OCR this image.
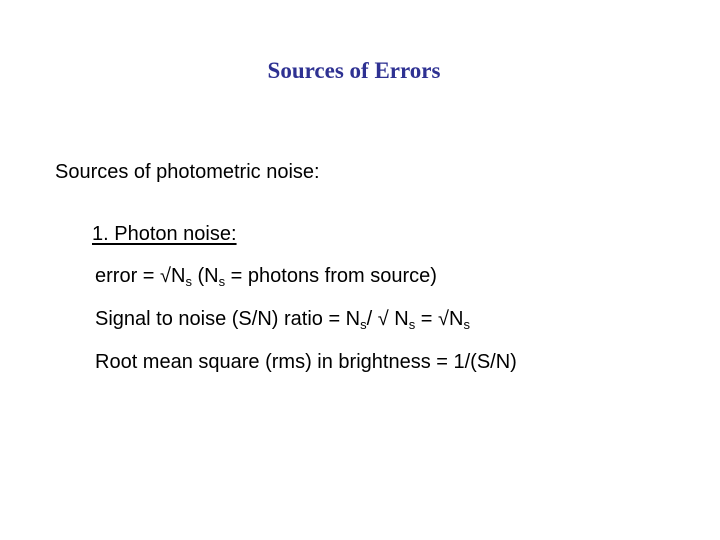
Sources of Errors
Sources of photometric noise:
1. Photon noise:
error = $√N_s$ ($N_s$ = photons from source)
Signal to noise (S/N) ratio = $N_s/$ √ $N_s = √N_s$
Root mean square (rms) in brightness = 1/(S/N)
